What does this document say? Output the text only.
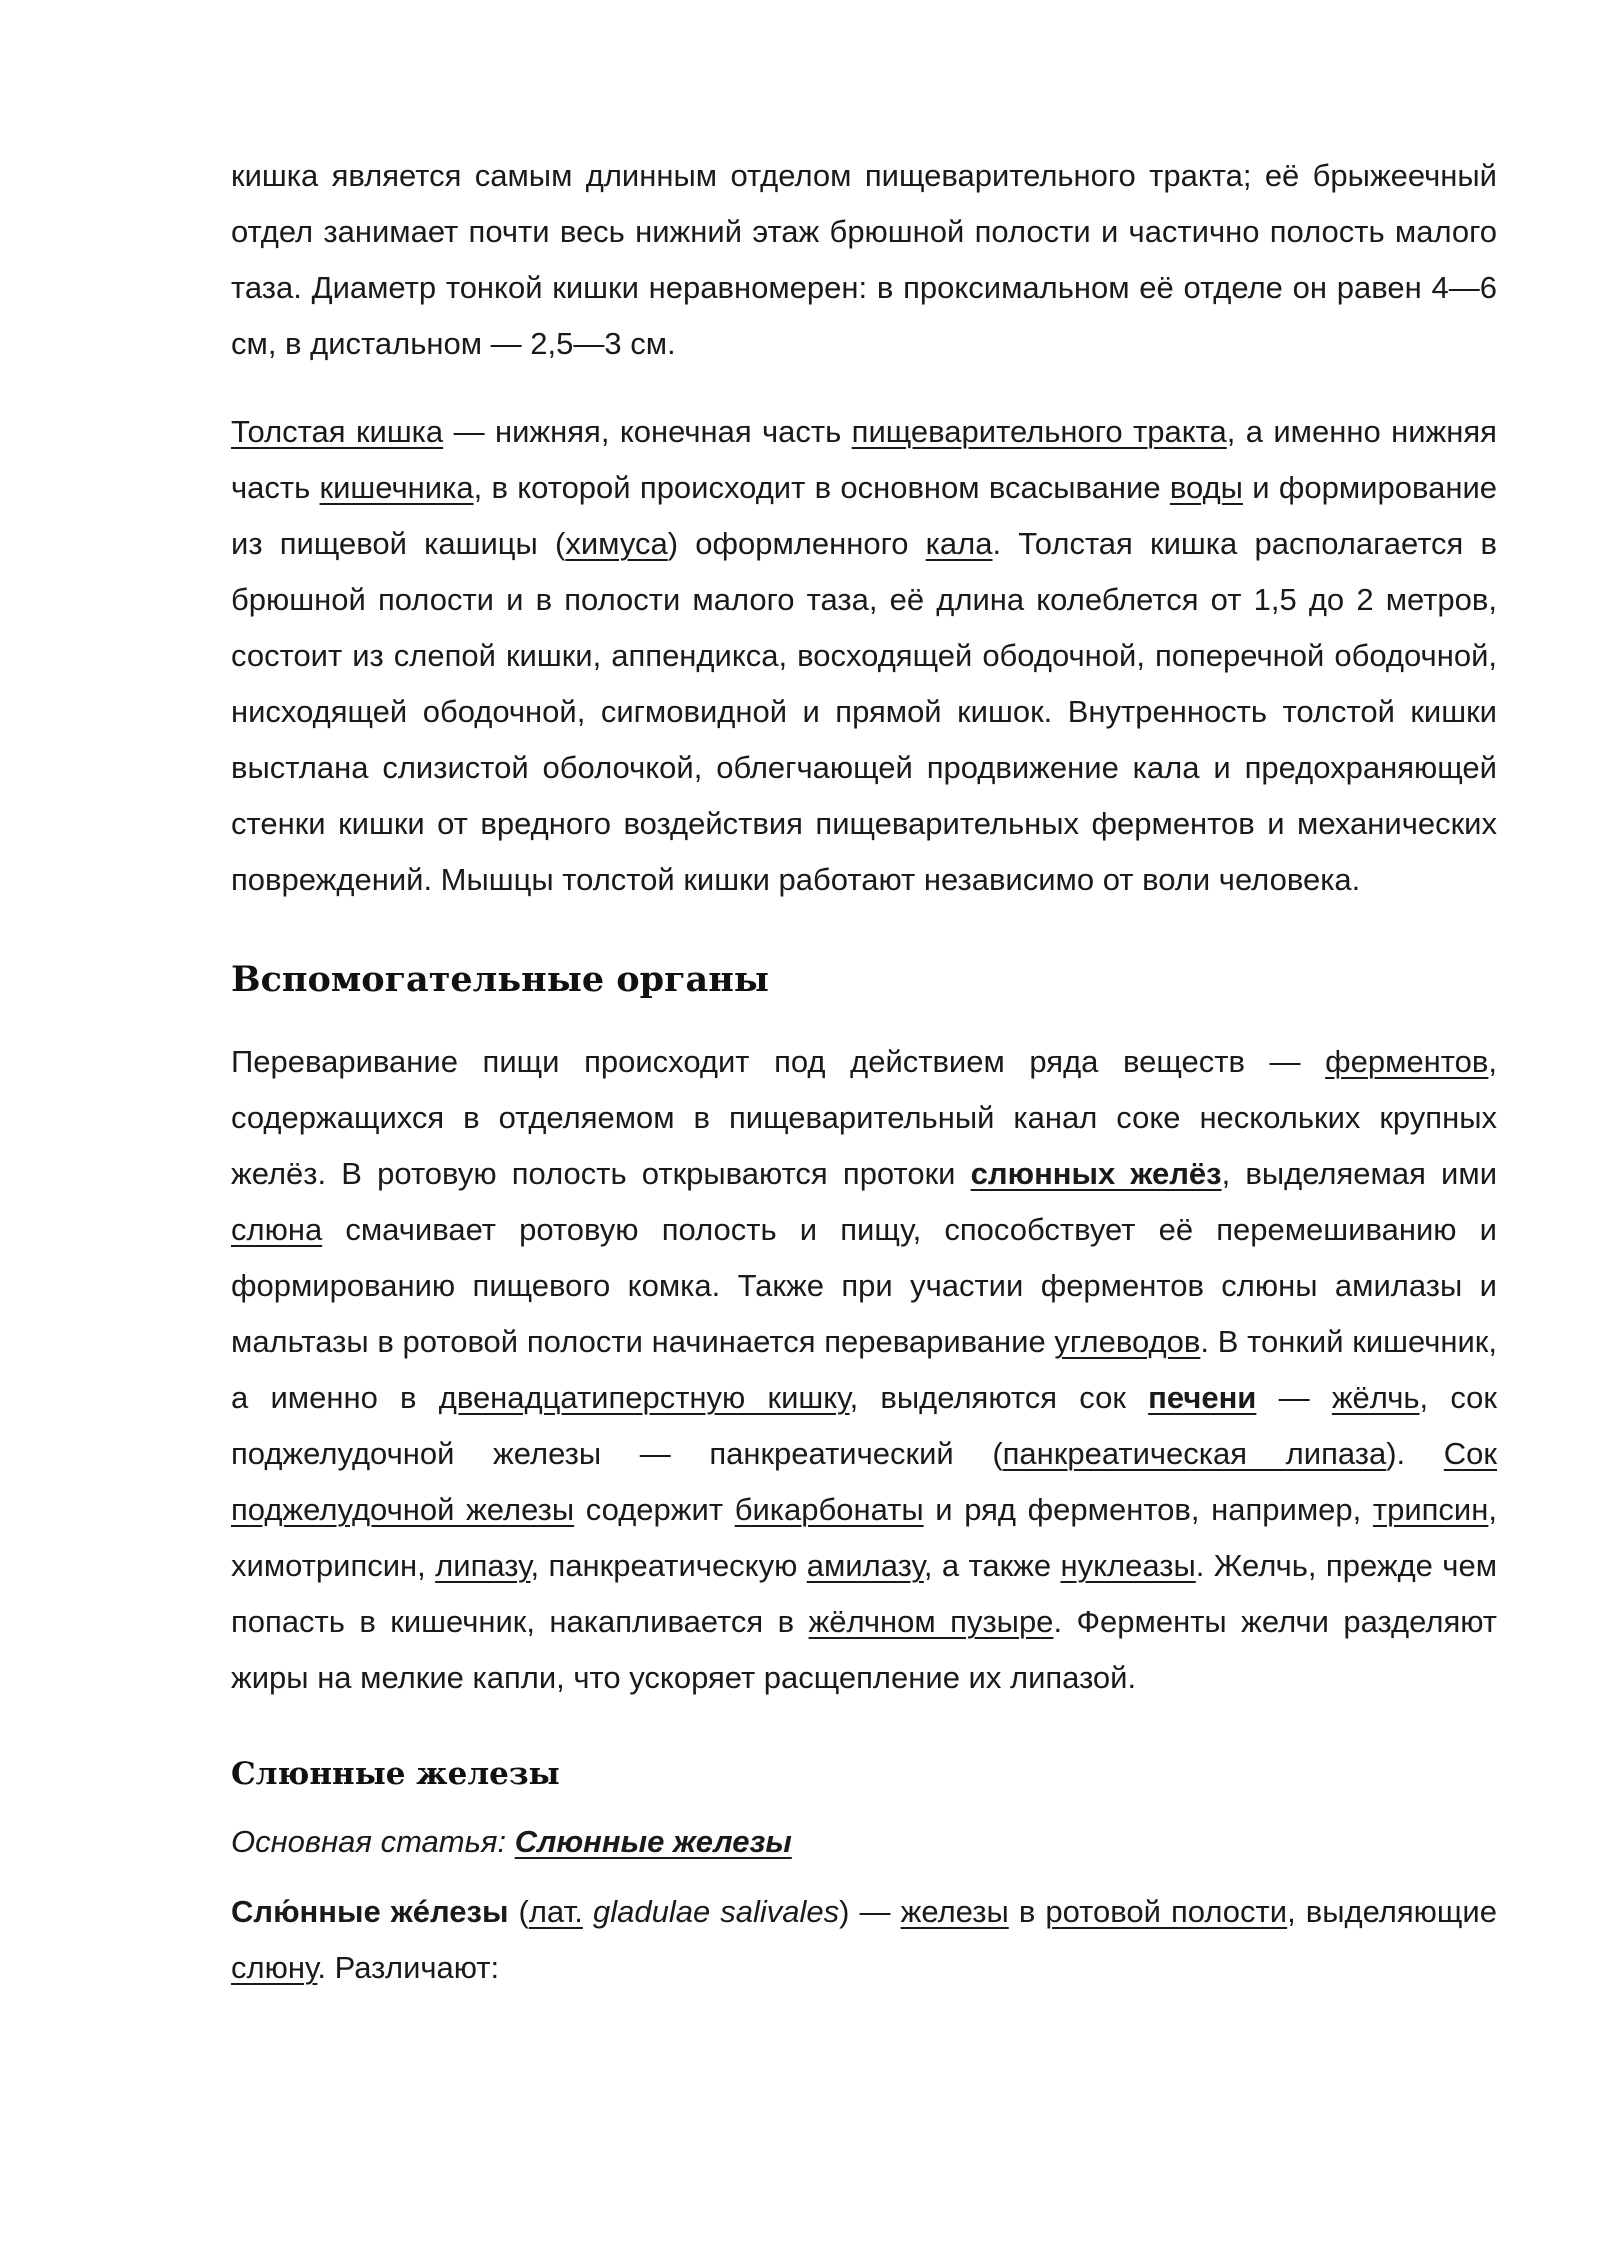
кишка является самым длинным отделом пищеварительного тракта; её брыжеечный отдел занимает почти весь нижний этаж брюшной полости и частично полость малого таза. Диаметр тонкой кишки неравномерен: в проксимальном её отделе он равен 4—6 см, в дистальном — 2,5—3 см.

Толстая кишка — нижняя, конечная часть пищеварительного тракта, а именно нижняя часть кишечника, в которой происходит в основном всасывание воды и формирование из пищевой кашицы (химуса) оформленного кала. Толстая кишка располагается в брюшной полости и в полости малого таза, её длина колеблется от 1,5 до 2 метров, состоит из слепой кишки, аппендикса, восходящей ободочной, поперечной ободочной, нисходящей ободочной, сигмовидной и прямой кишок. Внутренность толстой кишки выстлана слизистой оболочкой, облегчающей продвижение кала и предохраняющей стенки кишки от вредного воздействия пищеварительных ферментов и механических повреждений. Мышцы толстой кишки работают независимо от воли человека.

Вспомогательные органы

Переваривание пищи происходит под действием ряда веществ — ферментов, содержащихся в отделяемом в пищеварительный канал соке нескольких крупных желёз. В ротовую полость открываются протоки слюнных желёз, выделяемая ими слюна смачивает ротовую полость и пищу, способствует её перемешиванию и формированию пищевого комка. Также при участии ферментов слюны амилазы и мальтазы в ротовой полости начинается переваривание углеводов. В тонкий кишечник, а именно в двенадцатиперстную кишку, выделяются сок печени — жёлчь, сок поджелудочной железы — панкреатический (панкреатическая липаза). Сок поджелудочной железы содержит бикарбонаты и ряд ферментов, например, трипсин, химотрипсин, липазу, панкреатическую амилазу, а также нуклеазы. Желчь, прежде чем попасть в кишечник, накапливается в жёлчном пузыре. Ферменты желчи разделяют жиры на мелкие капли, что ускоряет расщепление их липазой.

Слюнные железы

Основная статья: Слюнные железы

Слю́нные жéлезы (лат. gladulae salivales) — железы в ротовой полости, выделяющие слюну. Различают:
